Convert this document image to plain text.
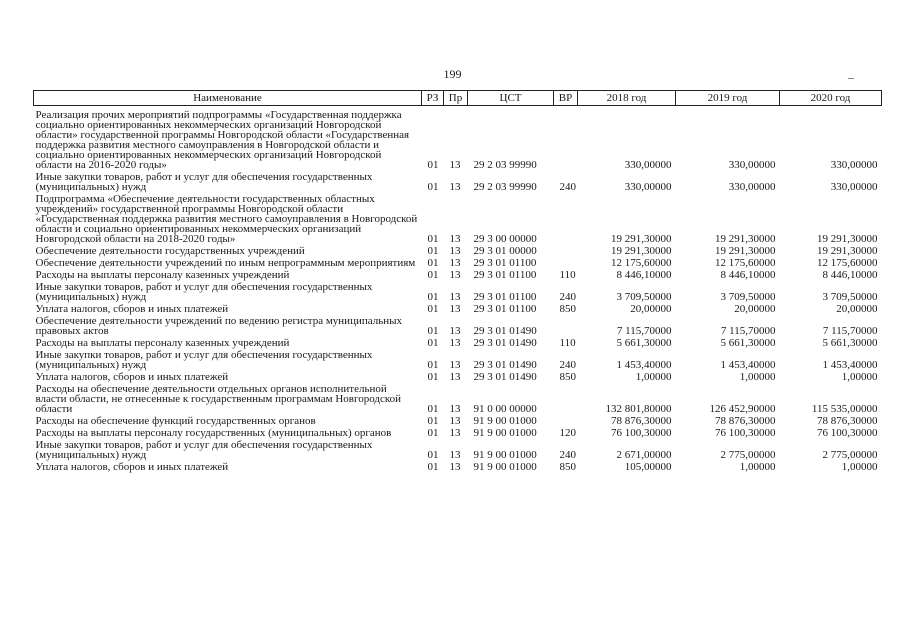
199
Наименование	РЗ	Пр	ЦСТ	ВР	2018 год	2019 год	2020 год
Реализация прочих мероприятий подпрограммы «Государственная поддержка социально ориентированных некоммерческих организаций Новгородской области» государственной программы Новгородской области «Государственная поддержка развития местного самоуправления в Новгородской области и социально ориентированных некоммерческих организаций Новгородской области на 2016-2020 годы»	01	13	29 2 03 99990		330,00000	330,00000	330,00000
Иные закупки товаров, работ и услуг для обеспечения государственных (муниципальных) нужд	01	13	29 2 03 99990	240	330,00000	330,00000	330,00000
Подпрограмма «Обеспечение деятельности государственных областных учреждений» государственной программы Новгородской области «Государственная поддержка развития местного самоуправления в Новгородской области и социально ориентированных некоммерческих организаций Новгородской области на 2018-2020 годы»	01	13	29 3 00 00000		19 291,30000	19 291,30000	19 291,30000
Обеспечение деятельности государственных учреждений	01	13	29 3 01 00000		19 291,30000	19 291,30000	19 291,30000
Обеспечение деятельности учреждений по иным непрограммным мероприятиям	01	13	29 3 01 01100		12 175,60000	12 175,60000	12 175,60000
Расходы на выплаты персоналу казенных учреждений	01	13	29 3 01 01100	110	8 446,10000	8 446,10000	8 446,10000
Иные закупки товаров, работ и услуг для обеспечения государственных (муниципальных) нужд	01	13	29 3 01 01100	240	3 709,50000	3 709,50000	3 709,50000
Уплата налогов, сборов и иных платежей	01	13	29 3 01 01100	850	20,00000	20,00000	20,00000
Обеспечение деятельности учреждений по ведению регистра муниципальных правовых актов	01	13	29 3 01 01490		7 115,70000	7 115,70000	7 115,70000
Расходы на выплаты персоналу казенных учреждений	01	13	29 3 01 01490	110	5 661,30000	5 661,30000	5 661,30000
Иные закупки товаров, работ и услуг для обеспечения государственных (муниципальных) нужд	01	13	29 3 01 01490	240	1 453,40000	1 453,40000	1 453,40000
Уплата налогов, сборов и иных платежей	01	13	29 3 01 01490	850	1,00000	1,00000	1,00000
Расходы на обеспечение деятельности отдельных органов исполнительной власти области, не отнесенные к государственным программам Новгородской области	01	13	91 0 00 00000		132 801,80000	126 452,90000	115 535,00000
Расходы на обеспечение функций государственных органов	01	13	91 9 00 01000		78 876,30000	78 876,30000	78 876,30000
Расходы на выплаты персоналу государственных (муниципальных) органов	01	13	91 9 00 01000	120	76 100,30000	76 100,30000	76 100,30000
Иные закупки товаров, работ и услуг для обеспечения государственных (муниципальных) нужд	01	13	91 9 00 01000	240	2 671,00000	2 775,00000	2 775,00000
Уплата налогов, сборов и иных платежей	01	13	91 9 00 01000	850	105,00000	1,00000	1,00000
